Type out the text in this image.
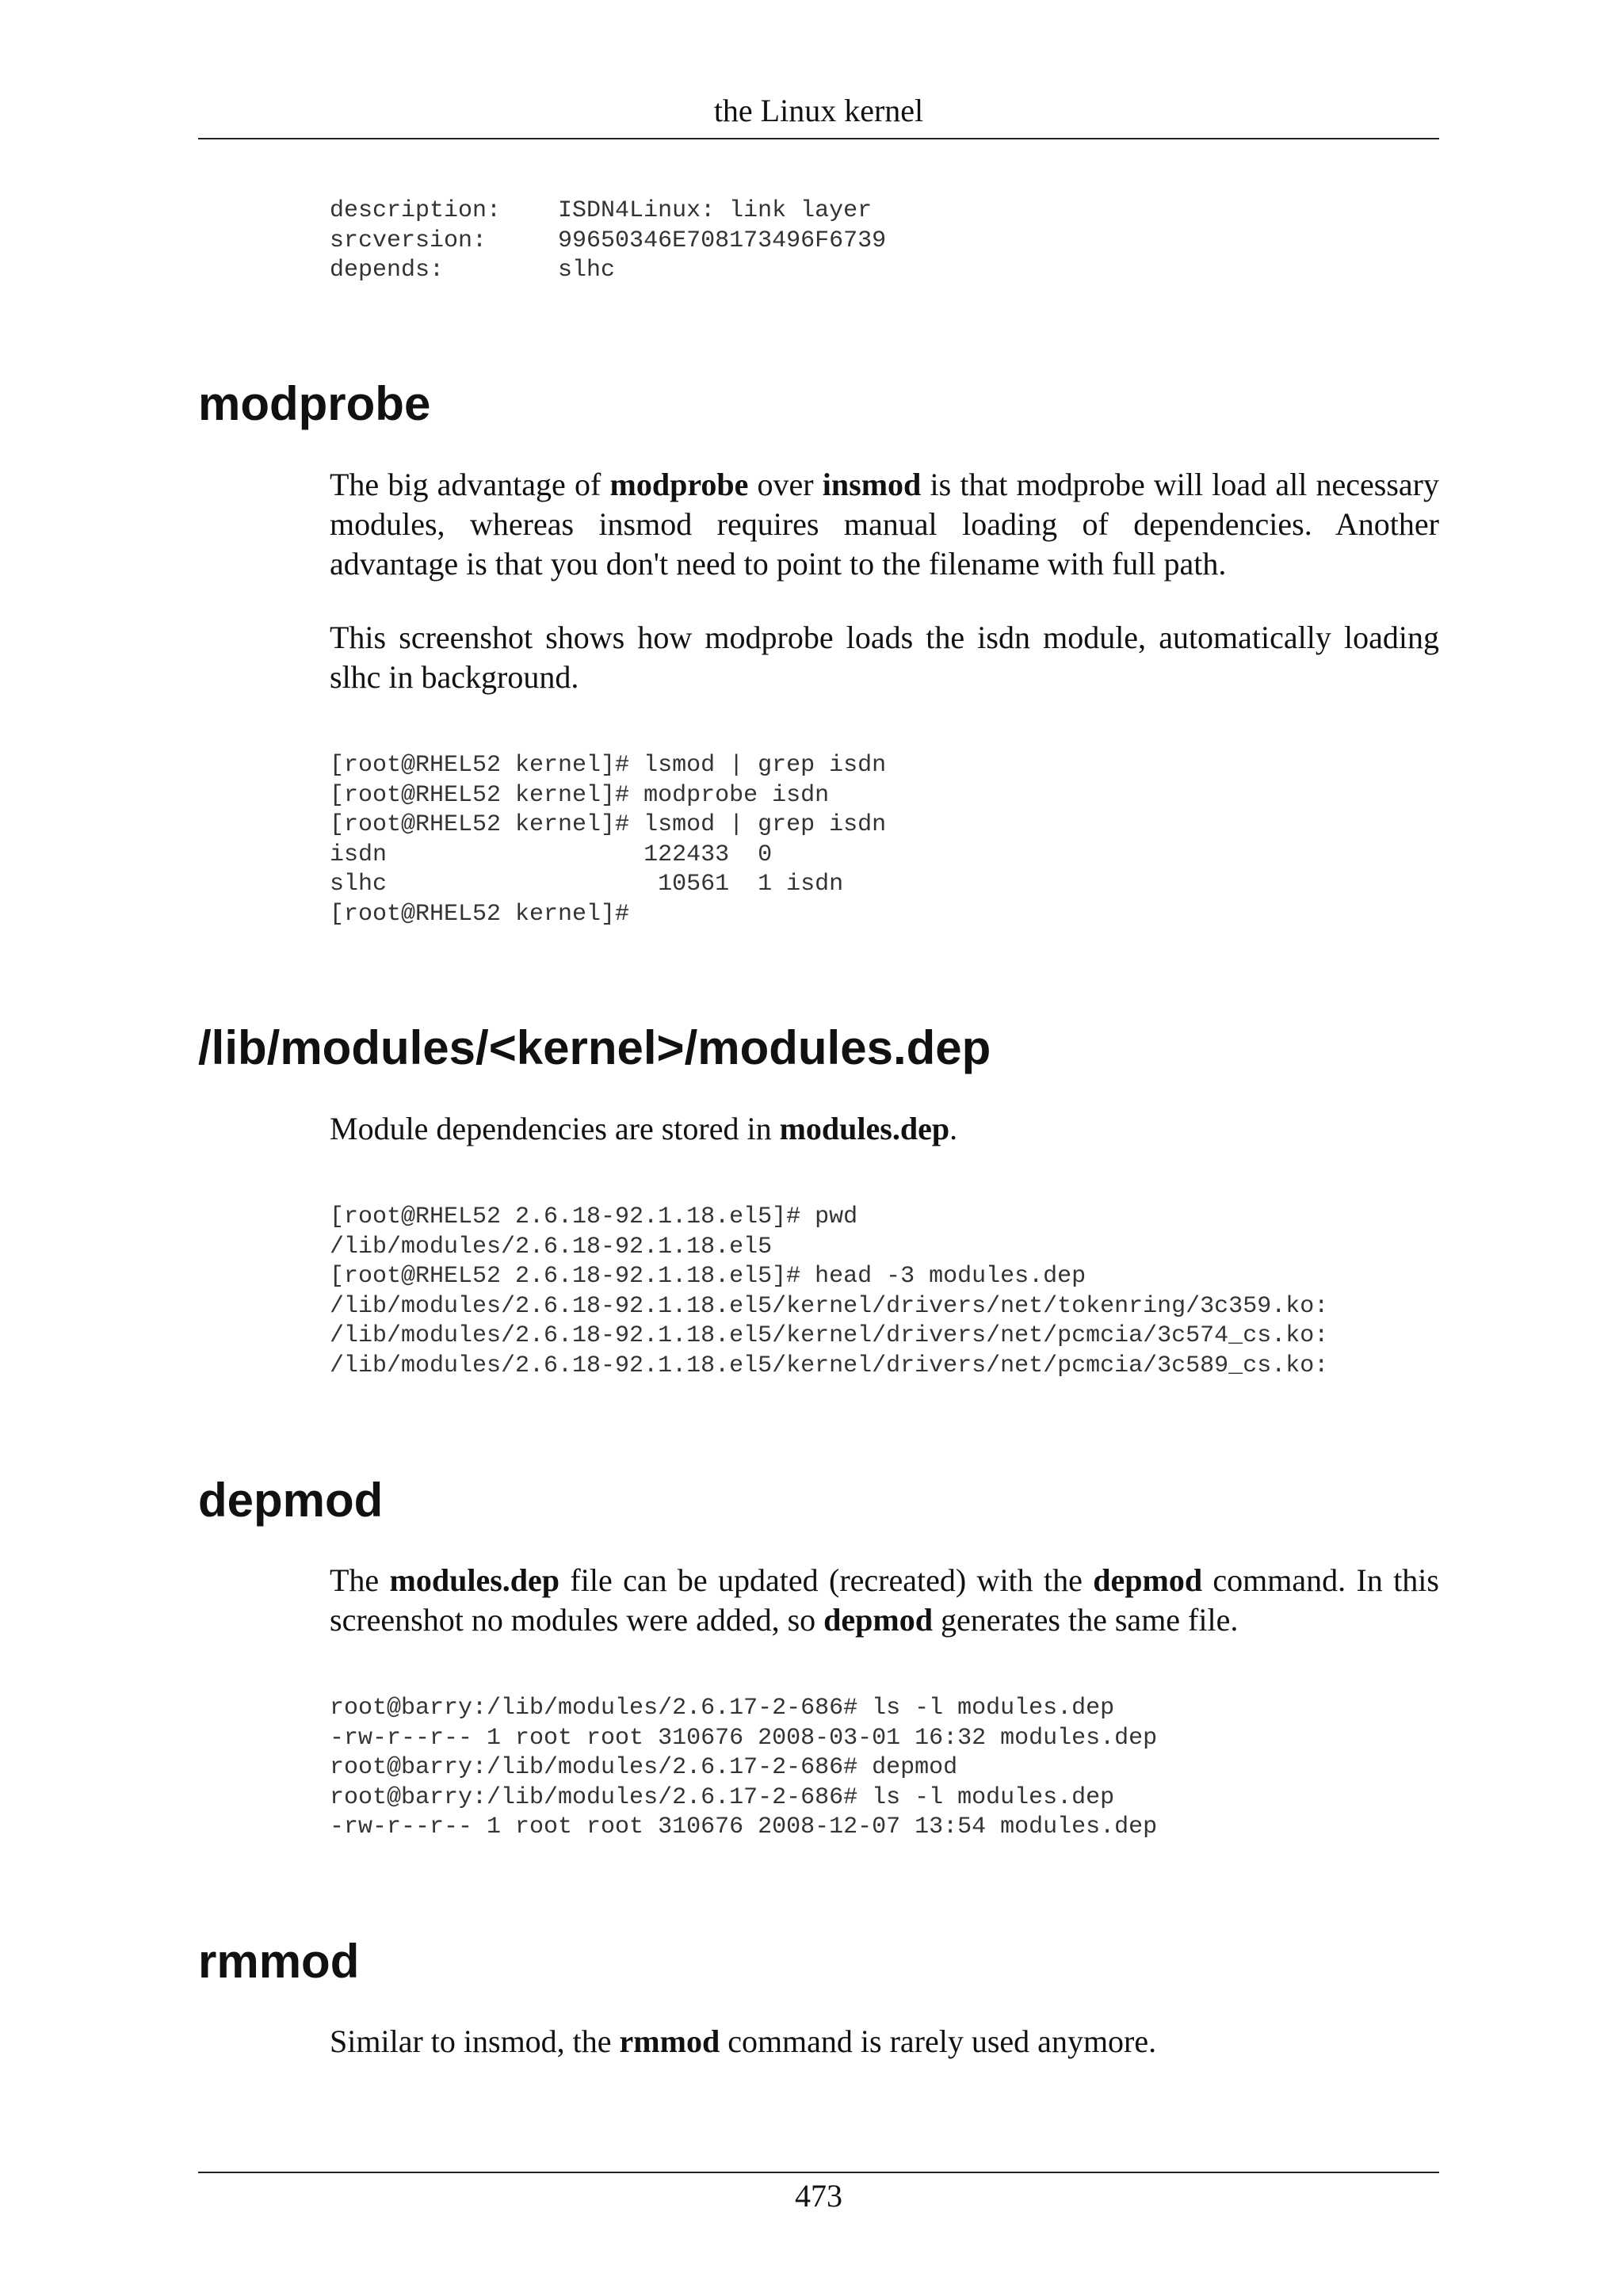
the Linux kernel

description:    ISDN4Linux: link layer
srcversion:     99650346E708173496F6739
depends:        slhc
modprobe

The big advantage of modprobe over insmod is that modprobe will load all necessary modules, whereas insmod requires manual loading of dependencies. Another advantage is that you don't need to point to the filename with full path.

This screenshot shows how modprobe loads the isdn module, automatically loading slhc in background.

[root@RHEL52 kernel]# lsmod | grep isdn
[root@RHEL52 kernel]# modprobe isdn
[root@RHEL52 kernel]# lsmod | grep isdn
isdn                  122433  0
slhc                   10561  1 isdn
[root@RHEL52 kernel]#
/lib/modules/<kernel>/modules.dep

Module dependencies are stored in modules.dep.

[root@RHEL52 2.6.18-92.1.18.el5]# pwd
/lib/modules/2.6.18-92.1.18.el5
[root@RHEL52 2.6.18-92.1.18.el5]# head -3 modules.dep
/lib/modules/2.6.18-92.1.18.el5/kernel/drivers/net/tokenring/3c359.ko:
/lib/modules/2.6.18-92.1.18.el5/kernel/drivers/net/pcmcia/3c574_cs.ko:
/lib/modules/2.6.18-92.1.18.el5/kernel/drivers/net/pcmcia/3c589_cs.ko:
depmod

The modules.dep file can be updated (recreated) with the depmod command. In this screenshot no modules were added, so depmod generates the same file.

root@barry:/lib/modules/2.6.17-2-686# ls -l modules.dep
-rw-r--r-- 1 root root 310676 2008-03-01 16:32 modules.dep
root@barry:/lib/modules/2.6.17-2-686# depmod
root@barry:/lib/modules/2.6.17-2-686# ls -l modules.dep
-rw-r--r-- 1 root root 310676 2008-12-07 13:54 modules.dep
rmmod

Similar to insmod, the rmmod command is rarely used anymore.

473
